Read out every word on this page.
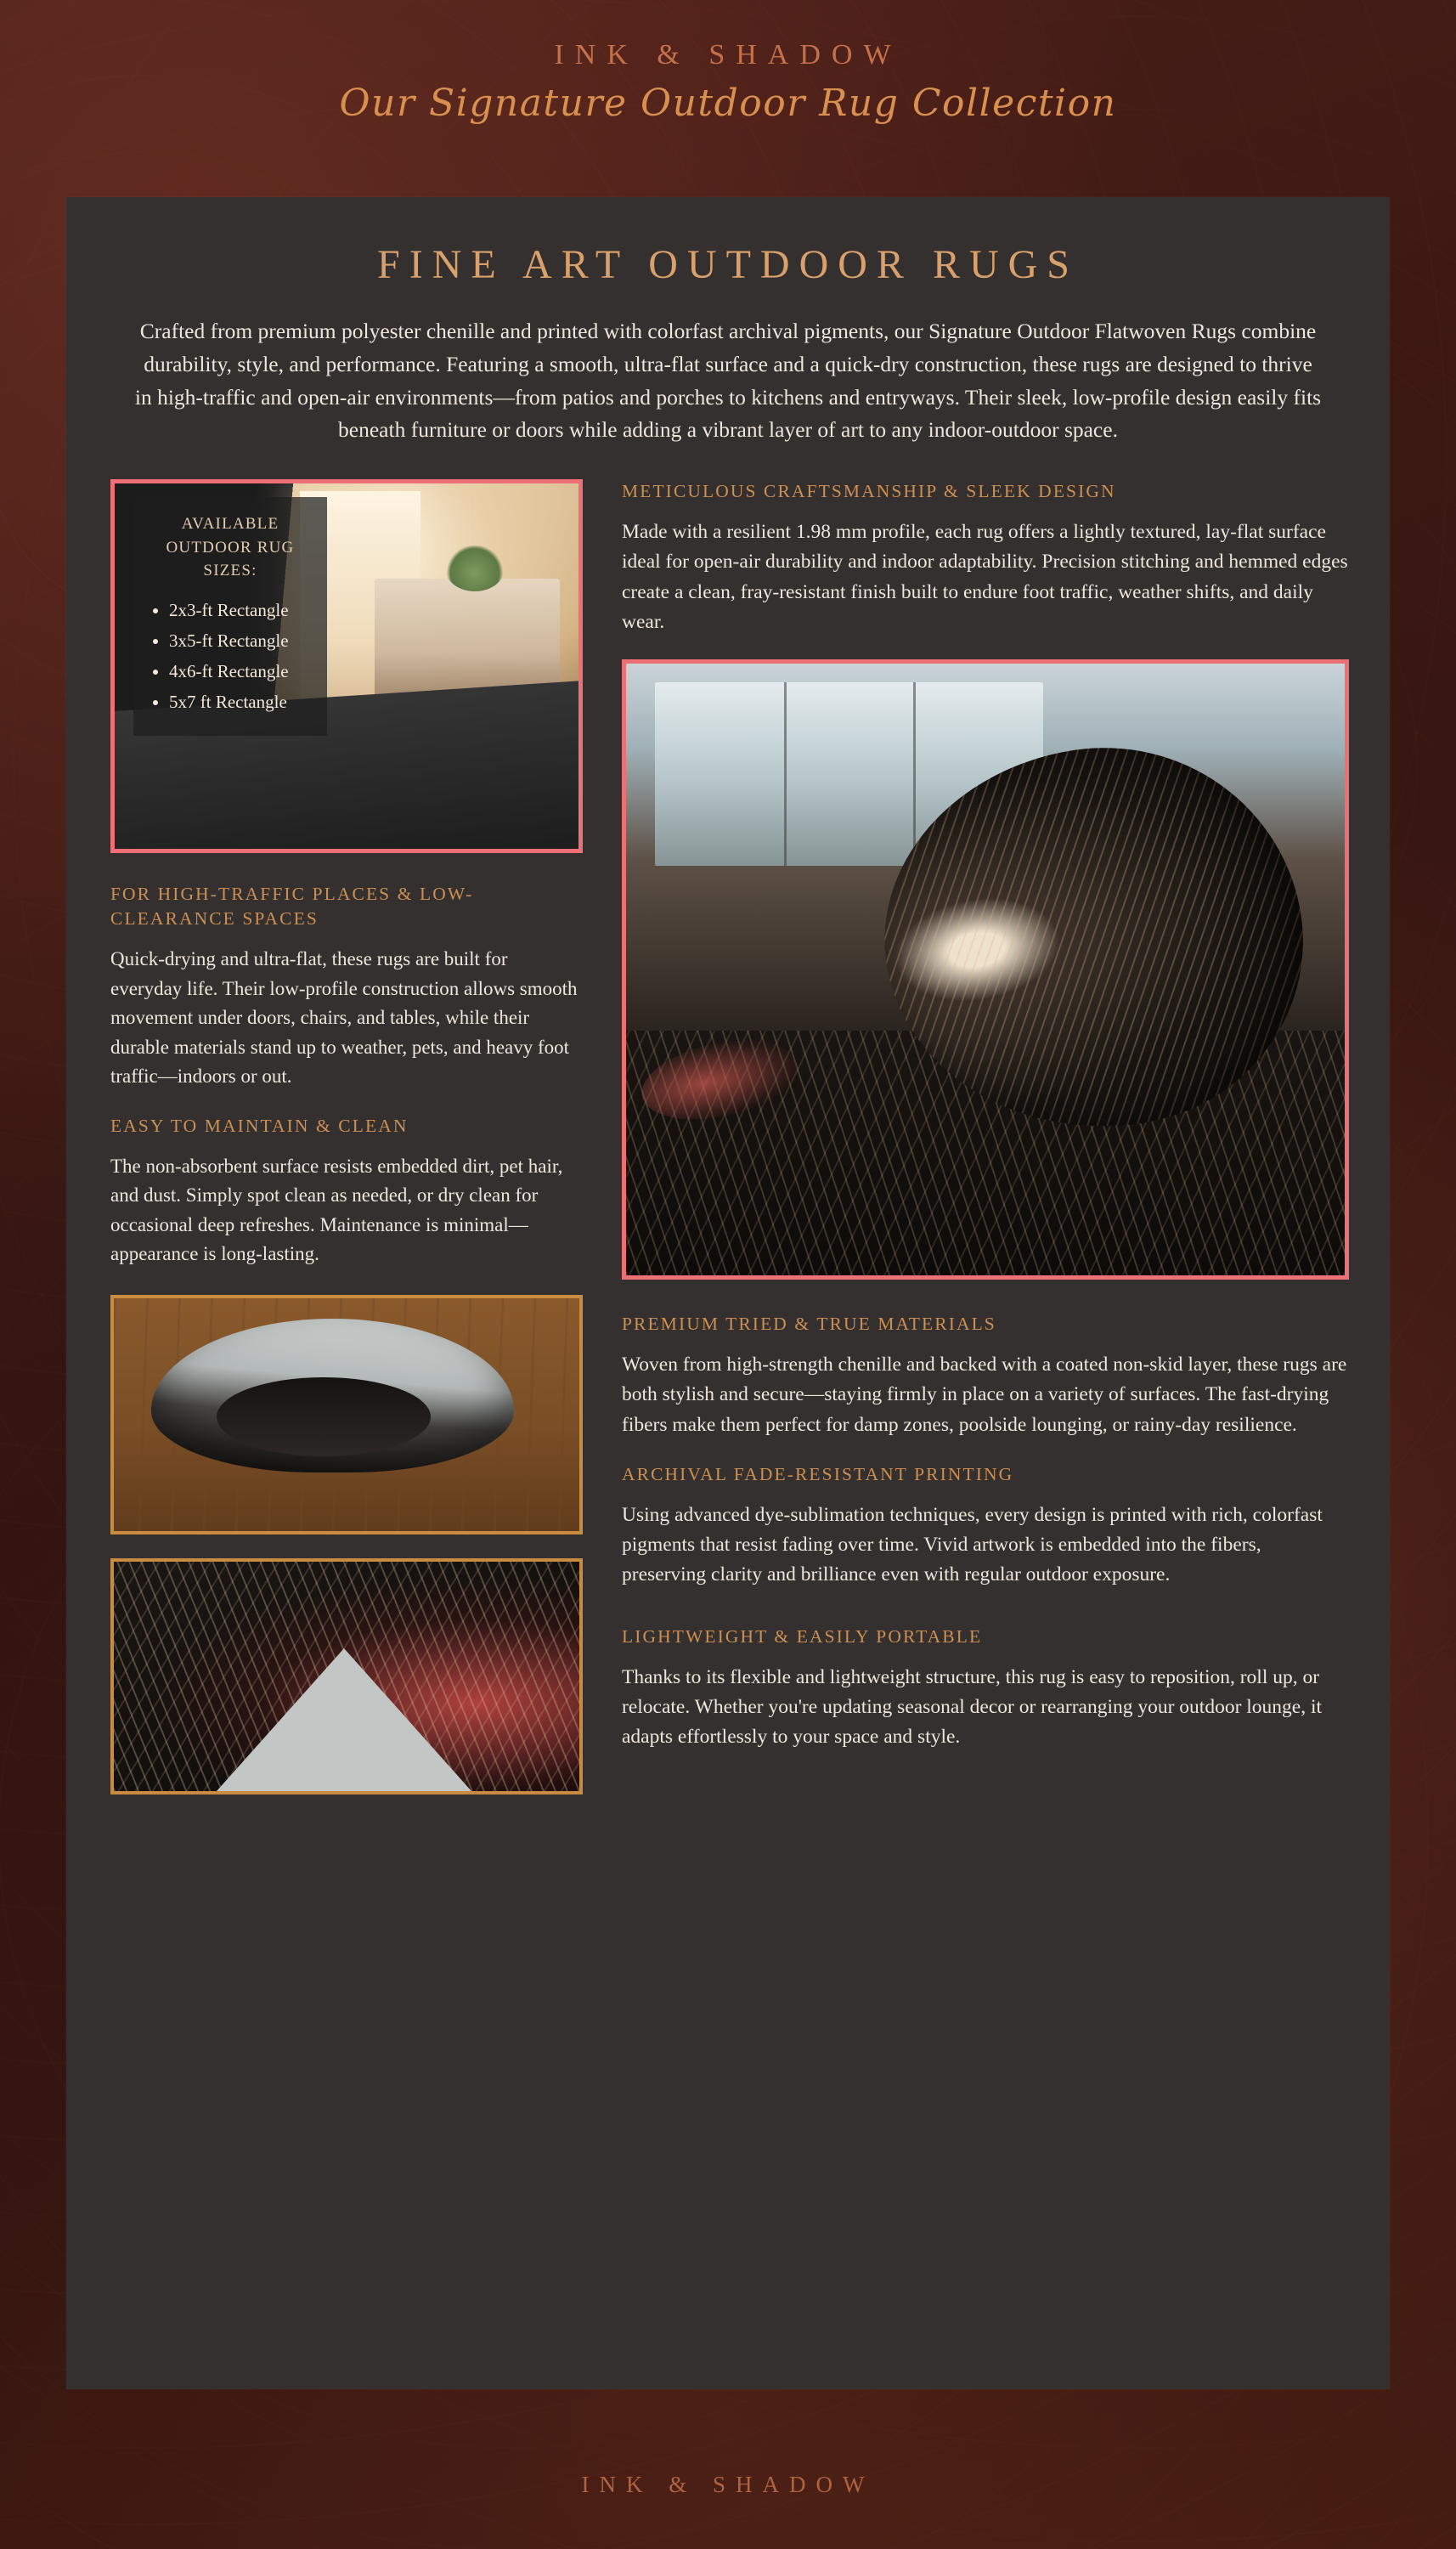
INK & SHADOW
Our Signature Outdoor Rug Collection
FINE ART OUTDOOR RUGS

Crafted from premium polyester chenille and printed with colorfast archival pigments, our Signature Outdoor Flatwoven Rugs combine durability, style, and performance. Featuring a smooth, ultra-flat surface and a quick-dry construction, these rugs are designed to thrive in high-traffic and open-air environments—from patios and porches to kitchens and entryways. Their sleek, low-profile design easily fits beneath furniture or doors while adding a vibrant layer of art to any indoor-outdoor space.

AVAILABLE OUTDOOR RUG SIZES:
• 2x3-ft Rectangle
• 3x5-ft Rectangle
• 4x6-ft Rectangle
• 5x7 ft Rectangle
FOR HIGH-TRAFFIC PLACES & LOW-CLEARANCE SPACES

Quick-drying and ultra-flat, these rugs are built for everyday life. Their low-profile construction allows smooth movement under doors, chairs, and tables, while their durable materials stand up to weather, pets, and heavy foot traffic—indoors or out.

EASY TO MAINTAIN & CLEAN

The non-absorbent surface resists embedded dirt, pet hair, and dust. Simply spot clean as needed, or dry clean for occasional deep refreshes. Maintenance is minimal—appearance is long-lasting.

METICULOUS CRAFTSMANSHIP & SLEEK DESIGN

Made with a resilient 1.98 mm profile, each rug offers a lightly textured, lay-flat surface ideal for open-air durability and indoor adaptability. Precision stitching and hemmed edges create a clean, fray-resistant finish built to endure foot traffic, weather shifts, and daily wear.

PREMIUM TRIED & TRUE MATERIALS

Woven from high-strength chenille and backed with a coated non-skid layer, these rugs are both stylish and secure—staying firmly in place on a variety of surfaces. The fast-drying fibers make them perfect for damp zones, poolside lounging, or rainy-day resilience.

ARCHIVAL FADE-RESISTANT PRINTING

Using advanced dye-sublimation techniques, every design is printed with rich, colorfast pigments that resist fading over time. Vivid artwork is embedded into the fibers, preserving clarity and brilliance even with regular outdoor exposure.

LIGHTWEIGHT & EASILY PORTABLE

Thanks to its flexible and lightweight structure, this rug is easy to reposition, roll up, or relocate. Whether you're updating seasonal decor or rearranging your outdoor lounge, it adapts effortlessly to your space and style.

INK & SHADOW
